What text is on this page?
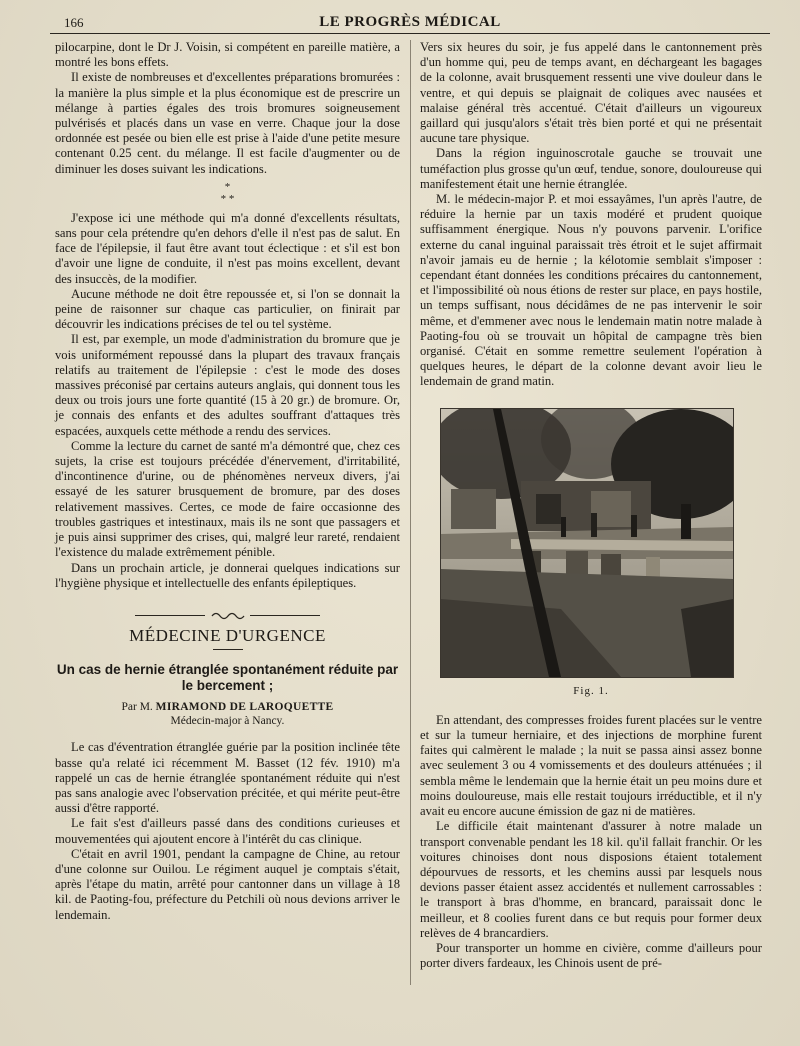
166	LE PROGRÈS MÉDICAL

pilocarpine, dont le Dr J. Voisin, si compétent en pareille matière, a montré les bons effets.

Il existe de nombreuses et d'excellentes préparations bromurées : la manière la plus simple et la plus économique est de prescrire un mélange à parties égales des trois bromures soigneusement pulvérisés et placés dans un vase en verre. Chaque jour la dose ordonnée est pesée ou bien elle est prise à l'aide d'une petite mesure contenant 0.25 cent. du mélange. Il est facile d'augmenter ou de diminuer les doses suivant les indications.

*
* *

J'expose ici une méthode qui m'a donné d'excellents résultats, sans pour cela prétendre qu'en dehors d'elle il n'est pas de salut. En face de l'épilepsie, il faut être avant tout éclectique : et s'il est bon d'avoir une ligne de conduite, il n'est pas moins excellent, devant des insuccès, de la modifier.

Aucune méthode ne doit être repoussée et, si l'on se donnait la peine de raisonner sur chaque cas particulier, on finirait par découvrir les indications précises de tel ou tel système.

Il est, par exemple, un mode d'administration du bromure que je vois uniformément repoussé dans la plupart des travaux français relatifs au traitement de l'épilepsie : c'est le mode des doses massives préconisé par certains auteurs anglais, qui donnent tous les deux ou trois jours une forte quantité (15 à 20 gr.) de bromure. Or, je connais des enfants et des adultes souffrant d'attaques très espacées, auxquels cette méthode a rendu des services.

Comme la lecture du carnet de santé m'a démontré que, chez ces sujets, la crise est toujours précédée d'énervement, d'irritabilité, d'incontinence d'urine, ou de phénomènes nerveux divers, j'ai essayé de les saturer brusquement de bromure, par des doses relativement massives. Certes, ce mode de faire occasionne des troubles gastriques et intestinaux, mais ils ne sont que passagers et je puis ainsi supprimer des crises, qui, malgré leur rareté, rendaient l'existence du malade extrêmement pénible.

Dans un prochain article, je donnerai quelques indications sur l'hygiène physique et intellectuelle des enfants épileptiques.

MÉDECINE D'URGENCE
Un cas de hernie étranglée spontanément réduite par le bercement ;
Par M. MIRAMOND DE LAROQUETTE
Médecin-major à Nancy.

Le cas d'éventration étranglée guérie par la position inclinée tête basse qu'a relaté ici récemment M. Basset (12 fév. 1910) m'a rappelé un cas de hernie étranglée spontanément réduite qui n'est pas sans analogie avec l'observation précitée, et qui mérite peut-être aussi d'être rapporté.

Le fait s'est d'ailleurs passé dans des conditions curieuses et mouvementées qui ajoutent encore à l'intérêt du cas clinique.

C'était en avril 1901, pendant la campagne de Chine, au retour d'une colonne sur Ouilou. Le régiment auquel je comptais s'était, après l'étape du matin, arrêté pour cantonner dans un village à 18 kil. de Paoting-fou, préfecture du Petchili où nous devions arriver le lendemain.

Vers six heures du soir, je fus appelé dans le cantonnement près d'un homme qui, peu de temps avant, en déchargeant les bagages de la colonne, avait brusquement ressenti une vive douleur dans le ventre, et qui depuis se plaignait de coliques avec nausées et malaise général très accentué. C'était d'ailleurs un vigoureux gaillard qui jusqu'alors s'était très bien porté et qui ne présentait aucune tare physique.

Dans la région inguinoscrotale gauche se trouvait une tuméfaction plus grosse qu'un œuf, tendue, sonore, douloureuse qui manifestement était une hernie étranglée.

M. le médecin-major P. et moi essayâmes, l'un après l'autre, de réduire la hernie par un taxis modéré et prudent quoique suffisamment énergique. Nous n'y pouvons parvenir. L'orifice externe du canal inguinal paraissait très étroit et le sujet affirmait n'avoir jamais eu de hernie ; la kélotomie semblait s'imposer : cependant étant données les conditions précaires du cantonnement, et l'impossibilité où nous étions de rester sur place, en pays hostile, un temps suffisant, nous décidâmes de ne pas intervenir le soir même, et d'emmener avec nous le lendemain matin notre malade à Paoting-fou où se trouvait un hôpital de campagne très bien organisé. C'était en somme remettre seulement l'opération à quelques heures, le départ de la colonne devant avoir lieu le lendemain de grand matin.

Fig. 1.

En attendant, des compresses froides furent placées sur le ventre et sur la tumeur herniaire, et des injections de morphine furent faites qui calmèrent le malade ; la nuit se passa ainsi assez bonne avec seulement 3 ou 4 vomissements et des douleurs atténuées ; il sembla même le lendemain que la hernie était un peu moins dure et moins douloureuse, mais elle restait toujours irréductible, et il n'y avait eu encore aucune émission de gaz ni de matières.

Le difficile était maintenant d'assurer à notre malade un transport convenable pendant les 18 kil. qu'il fallait franchir. Or les voitures chinoises dont nous disposions étaient totalement dépourvues de ressorts, et les chemins aussi par lesquels nous devions passer étaient assez accidentés et nullement carrossables : le transport à bras d'homme, en brancard, paraissait donc le meilleur, et 8 coolies furent dans ce but requis pour former deux relèves de 4 brancardiers.

Pour transporter un homme en civière, comme d'ailleurs pour porter divers fardeaux, les Chinois usent de pré-
